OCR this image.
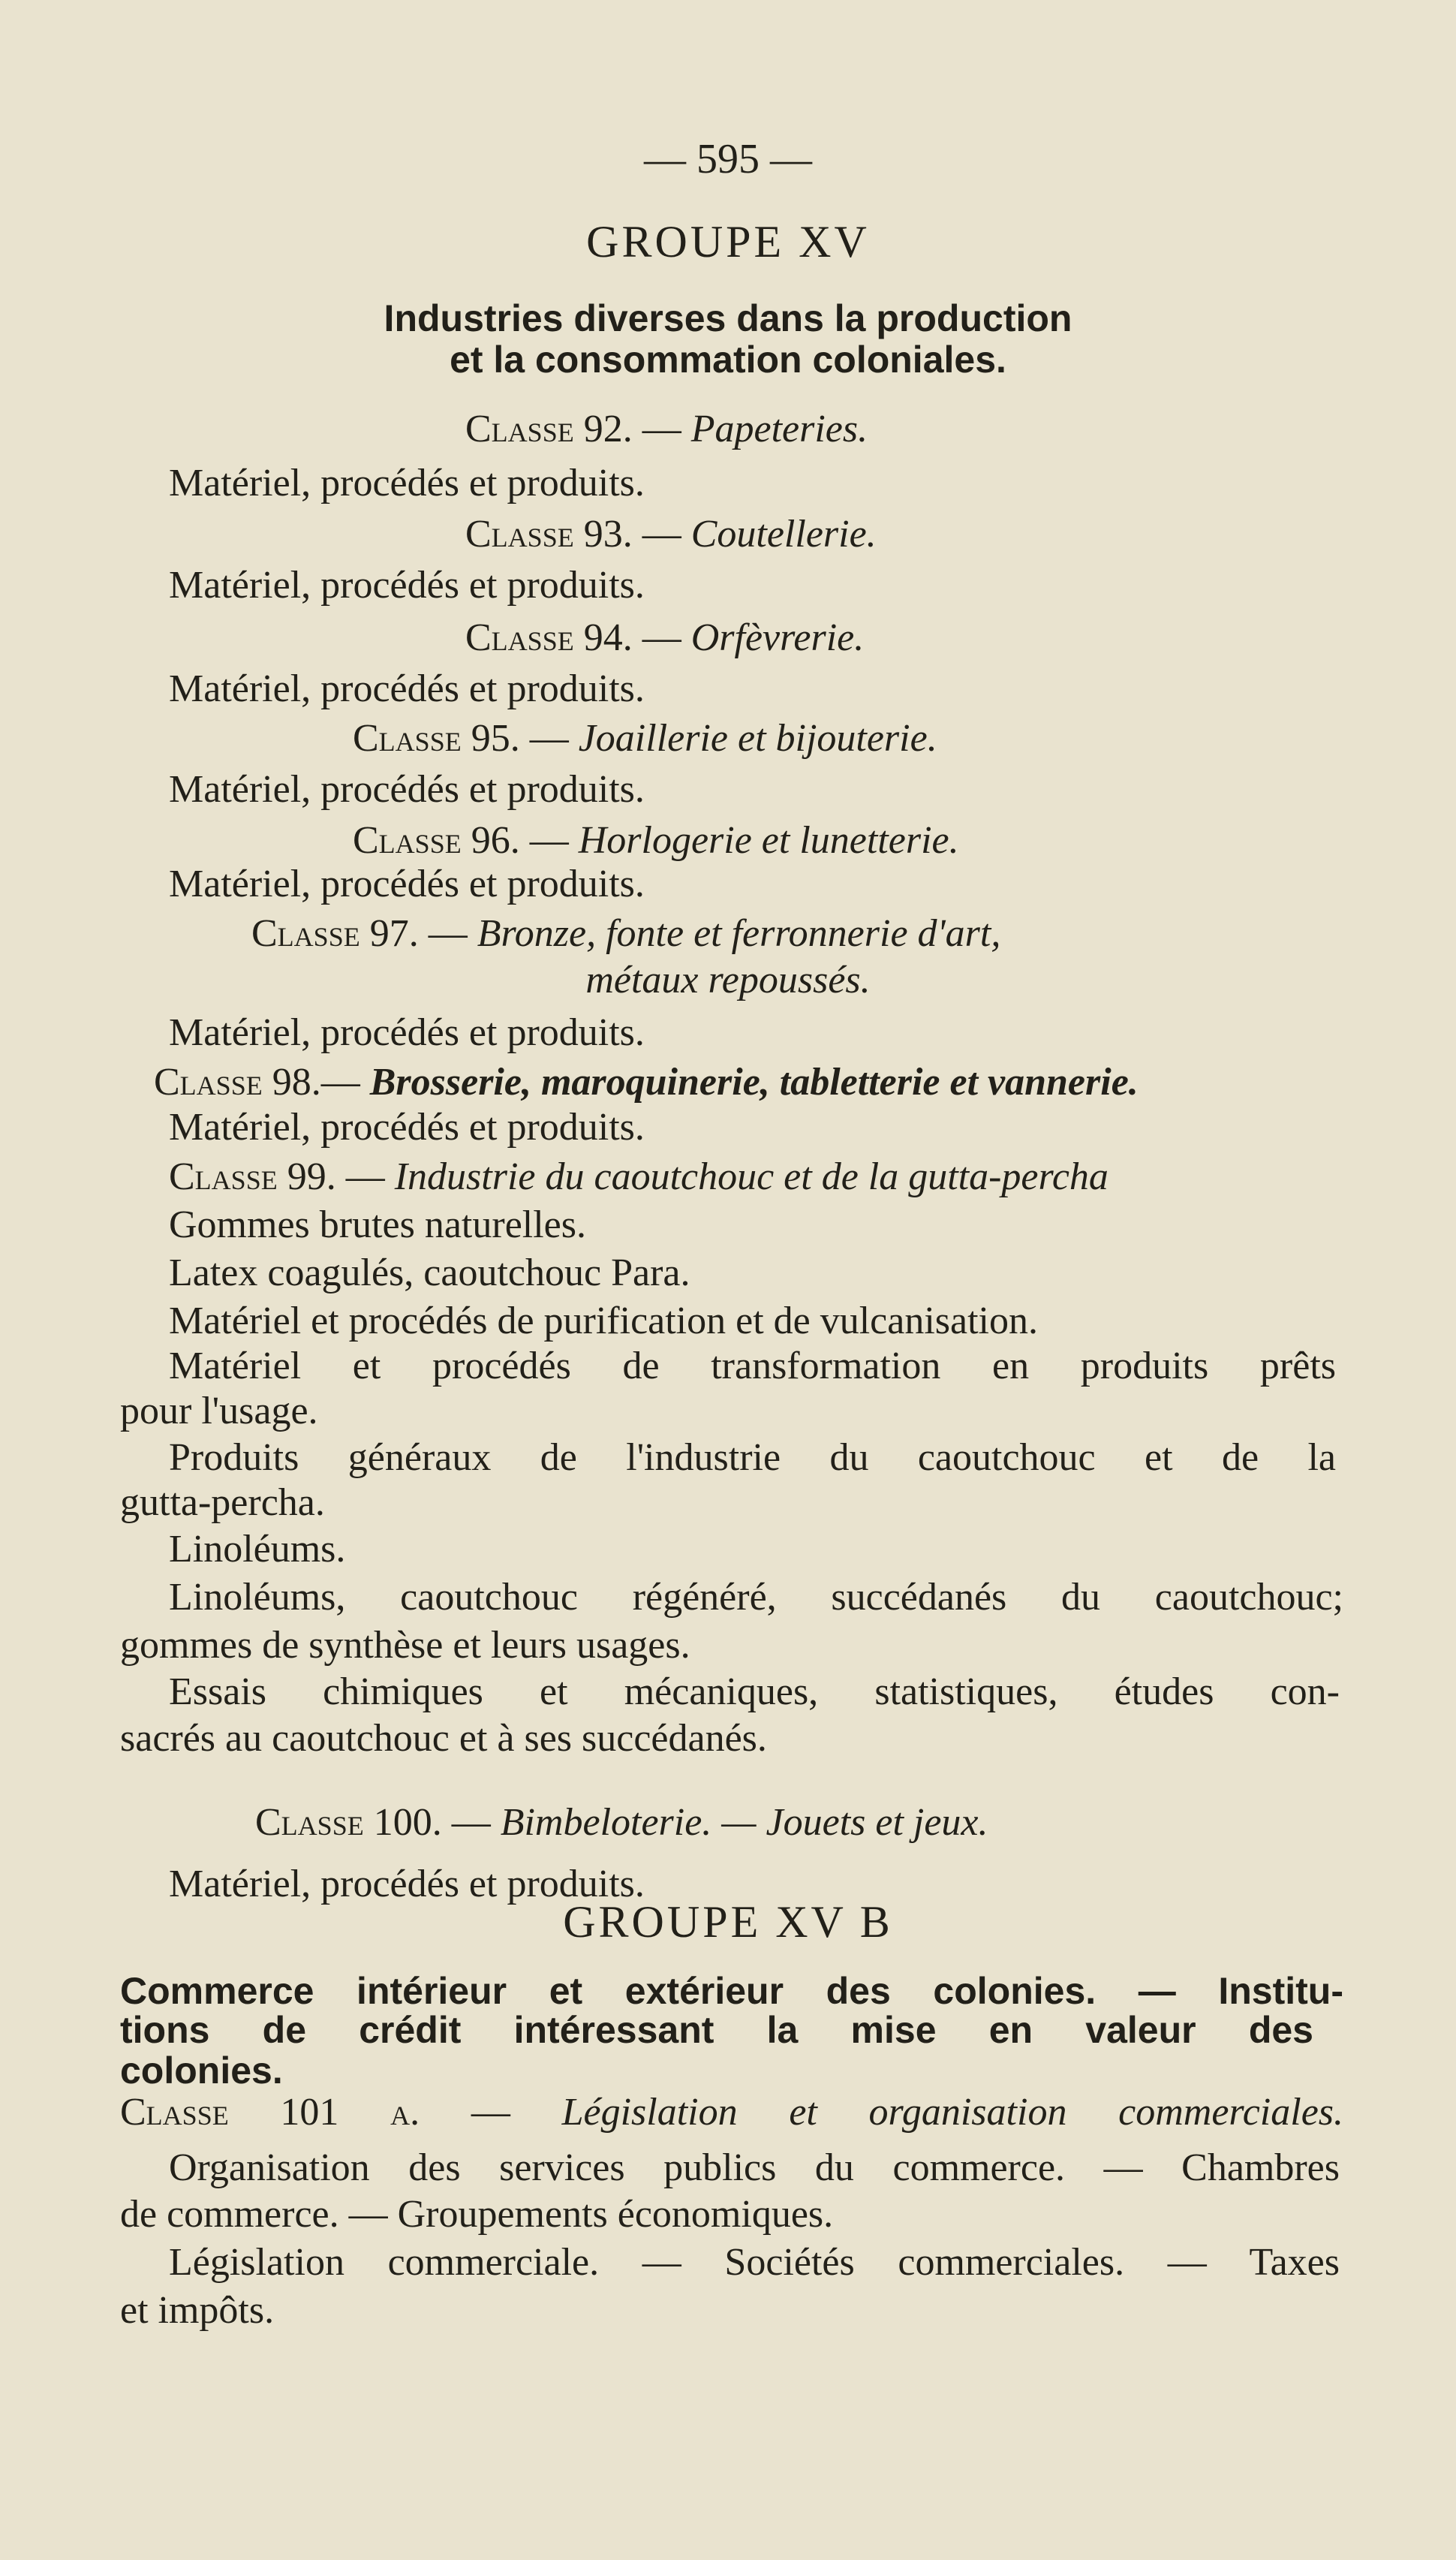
— 595 —
GROUPE XV
Industries diverses dans la production
et la consommation coloniales.
Classe 92. — Papeteries.
Matériel, procédés et produits.
Classe 93. — Coutellerie.
Matériel, procédés et produits.
Classe 94. — Orfèvrerie.
Matériel, procédés et produits.
Classe 95. — Joaillerie et bijouterie.
Matériel, procédés et produits.
Classe 96. — Horlogerie et lunetterie.
Matériel, procédés et produits.
Classe 97. — Bronze, fonte et ferronnerie d'art,
métaux repoussés.
Matériel, procédés et produits.
Classe 98.— Brosserie, maroquinerie, tabletterie et vannerie.
Matériel, procédés et produits.
Classe 99. — Industrie du caoutchouc et de la gutta-percha
Gommes brutes naturelles.
Latex coagulés, caoutchouc Para.
Matériel et procédés de purification et de vulcanisation.
Matériel et procédés de transformation en produits prêts
pour l'usage.
Produits généraux de l'industrie du caoutchouc et de la
gutta-percha.
Linoléums.
Linoléums, caoutchouc régénéré, succédanés du caoutchouc;
gommes de synthèse et leurs usages.
Essais chimiques et mécaniques, statistiques, études con-
sacrés au caoutchouc et à ses succédanés.
Classe 100. — Bimbeloterie. — Jouets et jeux.
Matériel, procédés et produits.
GROUPE XV B
Commerce intérieur et extérieur des colonies. — Institu-
tions de crédit intéressant la mise en valeur des
colonies.
Classe 101 a. — Législation et organisation commerciales.
Organisation des services publics du commerce. — Chambres
de commerce. — Groupements économiques.
Législation commerciale. — Sociétés commerciales. — Taxes
et impôts.
